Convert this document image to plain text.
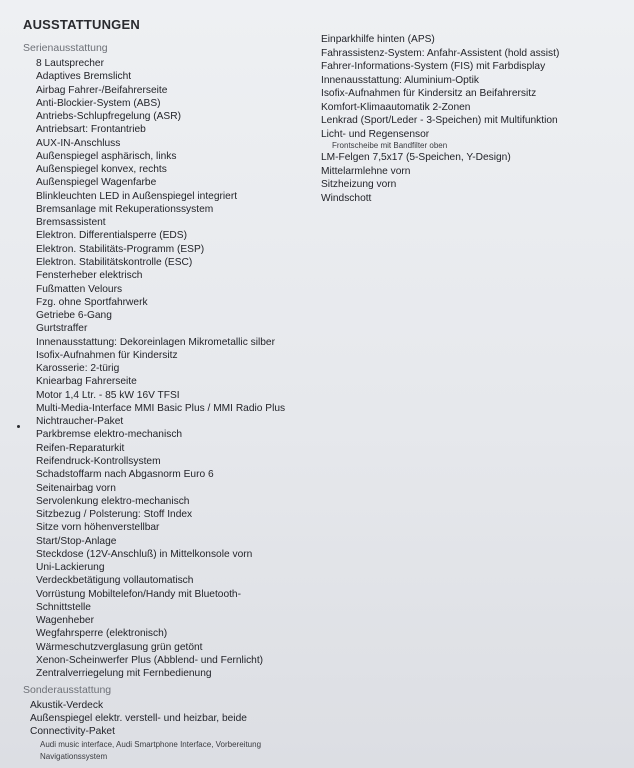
AUSSTATTUNGEN
Serienausstattung
8 Lautsprecher
Adaptives Bremslicht
Airbag Fahrer-/Beifahrerseite
Anti-Blockier-System (ABS)
Antriebs-Schlupfregelung (ASR)
Antriebsart: Frontantrieb
AUX-IN-Anschluss
Außenspiegel asphärisch, links
Außenspiegel konvex, rechts
Außenspiegel Wagenfarbe
Blinkleuchten LED in Außenspiegel integriert
Bremsanlage mit Rekuperationssystem
Bremsassistent
Elektron. Differentialsperre (EDS)
Elektron. Stabilitäts-Programm (ESP)
Elektron. Stabilitätskontrolle (ESC)
Fensterheber elektrisch
Fußmatten Velours
Fzg. ohne Sportfahrwerk
Getriebe 6-Gang
Gurtstraffer
Innenausstattung: Dekoreinlagen Mikrometallic silber
Isofix-Aufnahmen für Kindersitz
Karosserie: 2-türig
Kniearbag Fahrerseite
Motor 1,4 Ltr. - 85 kW 16V TFSI
Multi-Media-Interface MMI Basic Plus / MMI Radio Plus
Nichtraucher-Paket
Parkbremse elektro-mechanisch
Reifen-Reparaturkit
Reifendruck-Kontrollsystem
Schadstoffarm nach Abgasnorm Euro 6
Seitenairbag vorn
Servolenkung elektro-mechanisch
Sitzbezug / Polsterung: Stoff Index
Sitze vorn höhenverstellbar
Start/Stop-Anlage
Steckdose (12V-Anschluß) in Mittelkonsole vorn
Uni-Lackierung
Verdeckbetätigung vollautomatisch
Vorrüstung Mobiltelefon/Handy mit Bluetooth-
Schnittstelle
Wagenheber
Wegfahrsperre (elektronisch)
Wärmeschutzverglasung grün getönt
Xenon-Scheinwerfer Plus (Abblend- und Fernlicht)
Zentralverriegelung mit Fernbedienung
Einparkhilfe hinten (APS)
Fahrassistenz-System: Anfahr-Assistent (hold assist)
Fahrer-Informations-System (FIS) mit Farbdisplay
Innenausstattung: Aluminium-Optik
Isofix-Aufnahmen für Kindersitz an Beifahrersitz
Komfort-Klimaautomatik 2-Zonen
Lenkrad (Sport/Leder - 3-Speichen) mit Multifunktion
Licht- und Regensensor
Frontscheibe mit Bandfilter oben
LM-Felgen 7,5x17 (5-Speichen, Y-Design)
Mittelarmlehne vorn
Sitzheizung vorn
Windschott
Sonderausstattung
Akustik-Verdeck
Außenspiegel elektr. verstell- und heizbar, beide
Connectivity-Paket
Audi music interface, Audi Smartphone Interface, Vorbereitung
Navigationssystem
